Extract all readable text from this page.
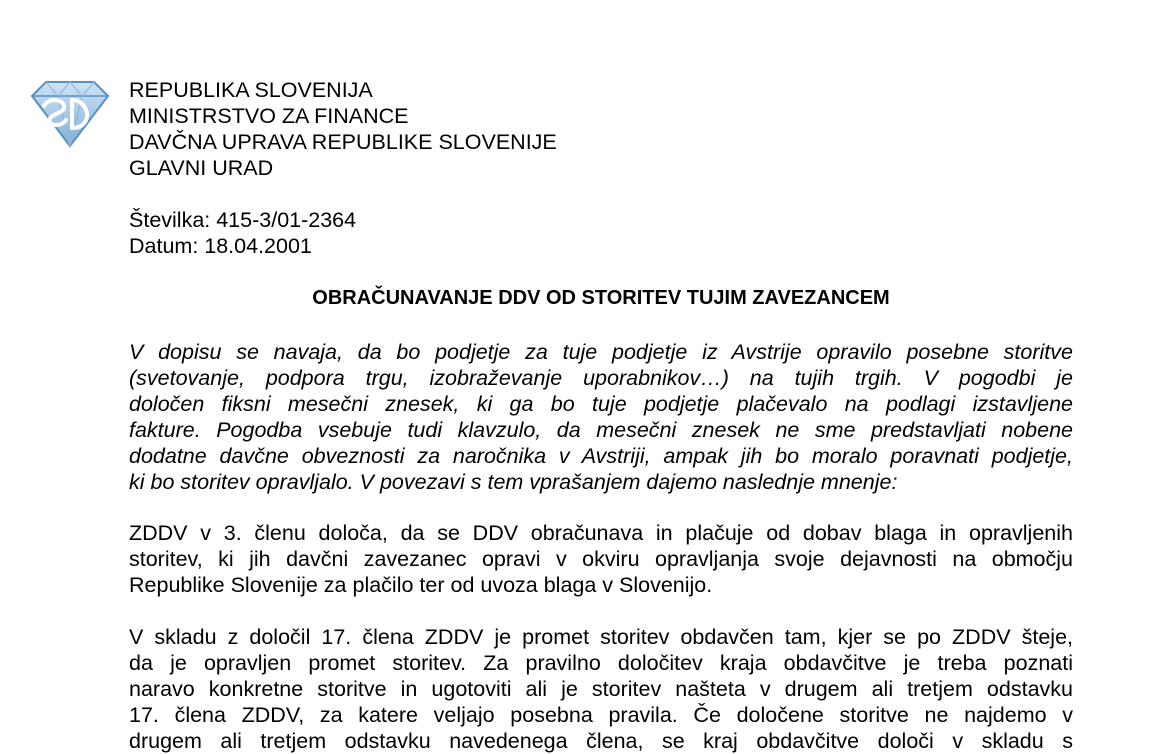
REPUBLIKA SLOVENIJA
MINISTRSTVO ZA FINANCE
DAVČNA UPRAVA REPUBLIKE SLOVENIJE
GLAVNI URAD
Številka: 415-3/01-2364
Datum: 18.04.2001
OBRAČUNAVANJE DDV OD STORITEV TUJIM ZAVEZANCEM
V dopisu se navaja, da bo podjetje za tuje podjetje iz Avstrije opravilo posebne storitve
(svetovanje, podpora trgu, izobraževanje uporabnikov…) na tujih trgih. V pogodbi je
določen fiksni mesečni znesek, ki ga bo tuje podjetje plačevalo na podlagi izstavljene
fakture. Pogodba vsebuje tudi klavzulo, da mesečni znesek ne sme predstavljati nobene
dodatne davčne obveznosti za naročnika v Avstriji, ampak jih bo moralo poravnati podjetje,
ki bo storitev opravljalo. V povezavi s tem vprašanjem dajemo naslednje mnenje:
ZDDV v 3. členu določa, da se DDV obračunava in plačuje od dobav blaga in opravljenih
storitev, ki jih davčni zavezanec opravi v okviru opravljanja svoje dejavnosti na območju
Republike Slovenije za plačilo ter od uvoza blaga v Slovenijo.
V skladu z določil 17. člena ZDDV je promet storitev obdavčen tam, kjer se po ZDDV šteje,
da je opravljen promet storitev. Za pravilno določitev kraja obdavčitve je treba poznati
naravo konkretne storitve in ugotoviti ali je storitev našteta v drugem ali tretjem odstavku
17. člena ZDDV, za katere veljajo posebna pravila. Če določene storitve ne najdemo v
drugem ali tretjem odstavku navedenega člena, se kraj obdavčitve določi v skladu s
